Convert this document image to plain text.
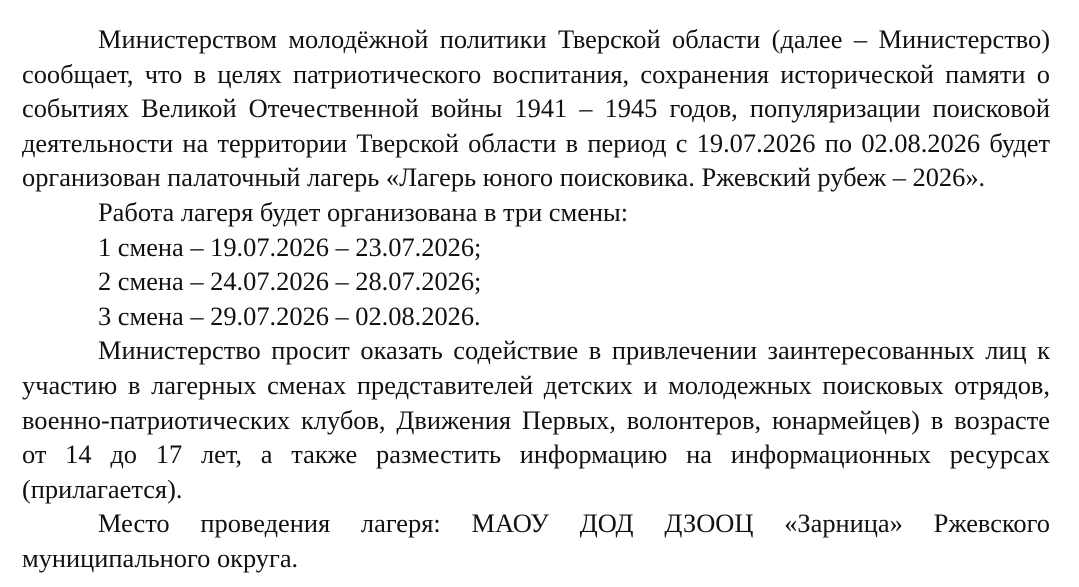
Министерством молодёжной политики Тверской области (далее – Министерство) сообщает, что в целях патриотического воспитания, сохранения исторической памяти о событиях Великой Отечественной войны 1941 – 1945 годов, популяризации поисковой деятельности на территории Тверской области в период с 19.07.2026 по 02.08.2026 будет организован палаточный лагерь «Лагерь юного поисковика. Ржевский рубеж – 2026».

Работа лагеря будет организована в три смены:

1 смена – 19.07.2026 – 23.07.2026;

2 смена – 24.07.2026 – 28.07.2026;

3 смена – 29.07.2026 – 02.08.2026.

Министерство просит оказать содействие в привлечении заинтересованных лиц к участию в лагерных сменах представителей детских и молодежных поисковых отрядов, военно-патриотических клубов, Движения Первых, волонтеров, юнармейцев) в возрасте от 14 до 17 лет, а также разместить информацию на информационных ресурсах (прилагается).

Место проведения лагеря: МАОУ ДОД ДЗООЦ «Зарница» Ржевского муниципального округа.
